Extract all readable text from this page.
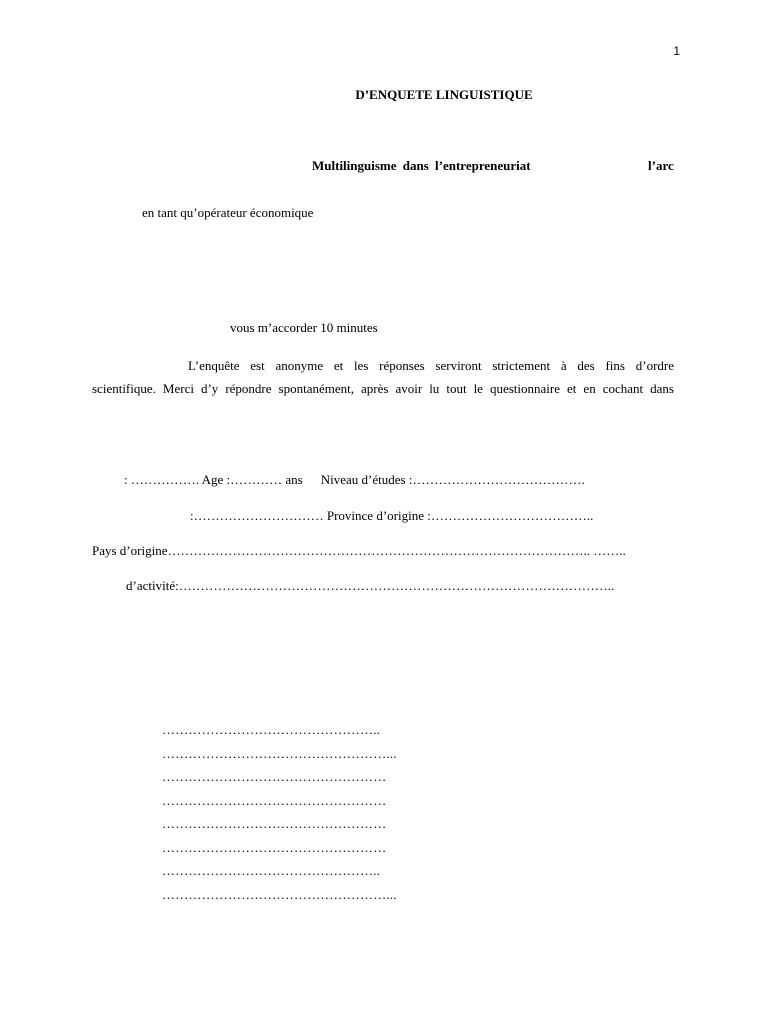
1
D’ENQUETE LINGUISTIQUE
Multilinguisme dans l’entrepreneuriat	l’arc
en tant qu’opérateur économique
vous m’accorder 10 minutes
L’enquête est anonyme et les réponses serviront strictement à des fins d’ordre
scientifique. Merci d’y répondre spontanément, après avoir lu tout le questionnaire et en cochant dans
: ……………. Age :………… ans Niveau d’études :………………………………….
:………………………… Province d’origine :………………………………..
Pays d’origine…………………………………………………………………………………….. ……..
d’activité:………………………………………………………………………………………..
…………………………………………..
……………………………………………...
……………………………………………
……………………………………………
……………………………………………
……………………………………………
…………………………………………..
……………………………………………...
